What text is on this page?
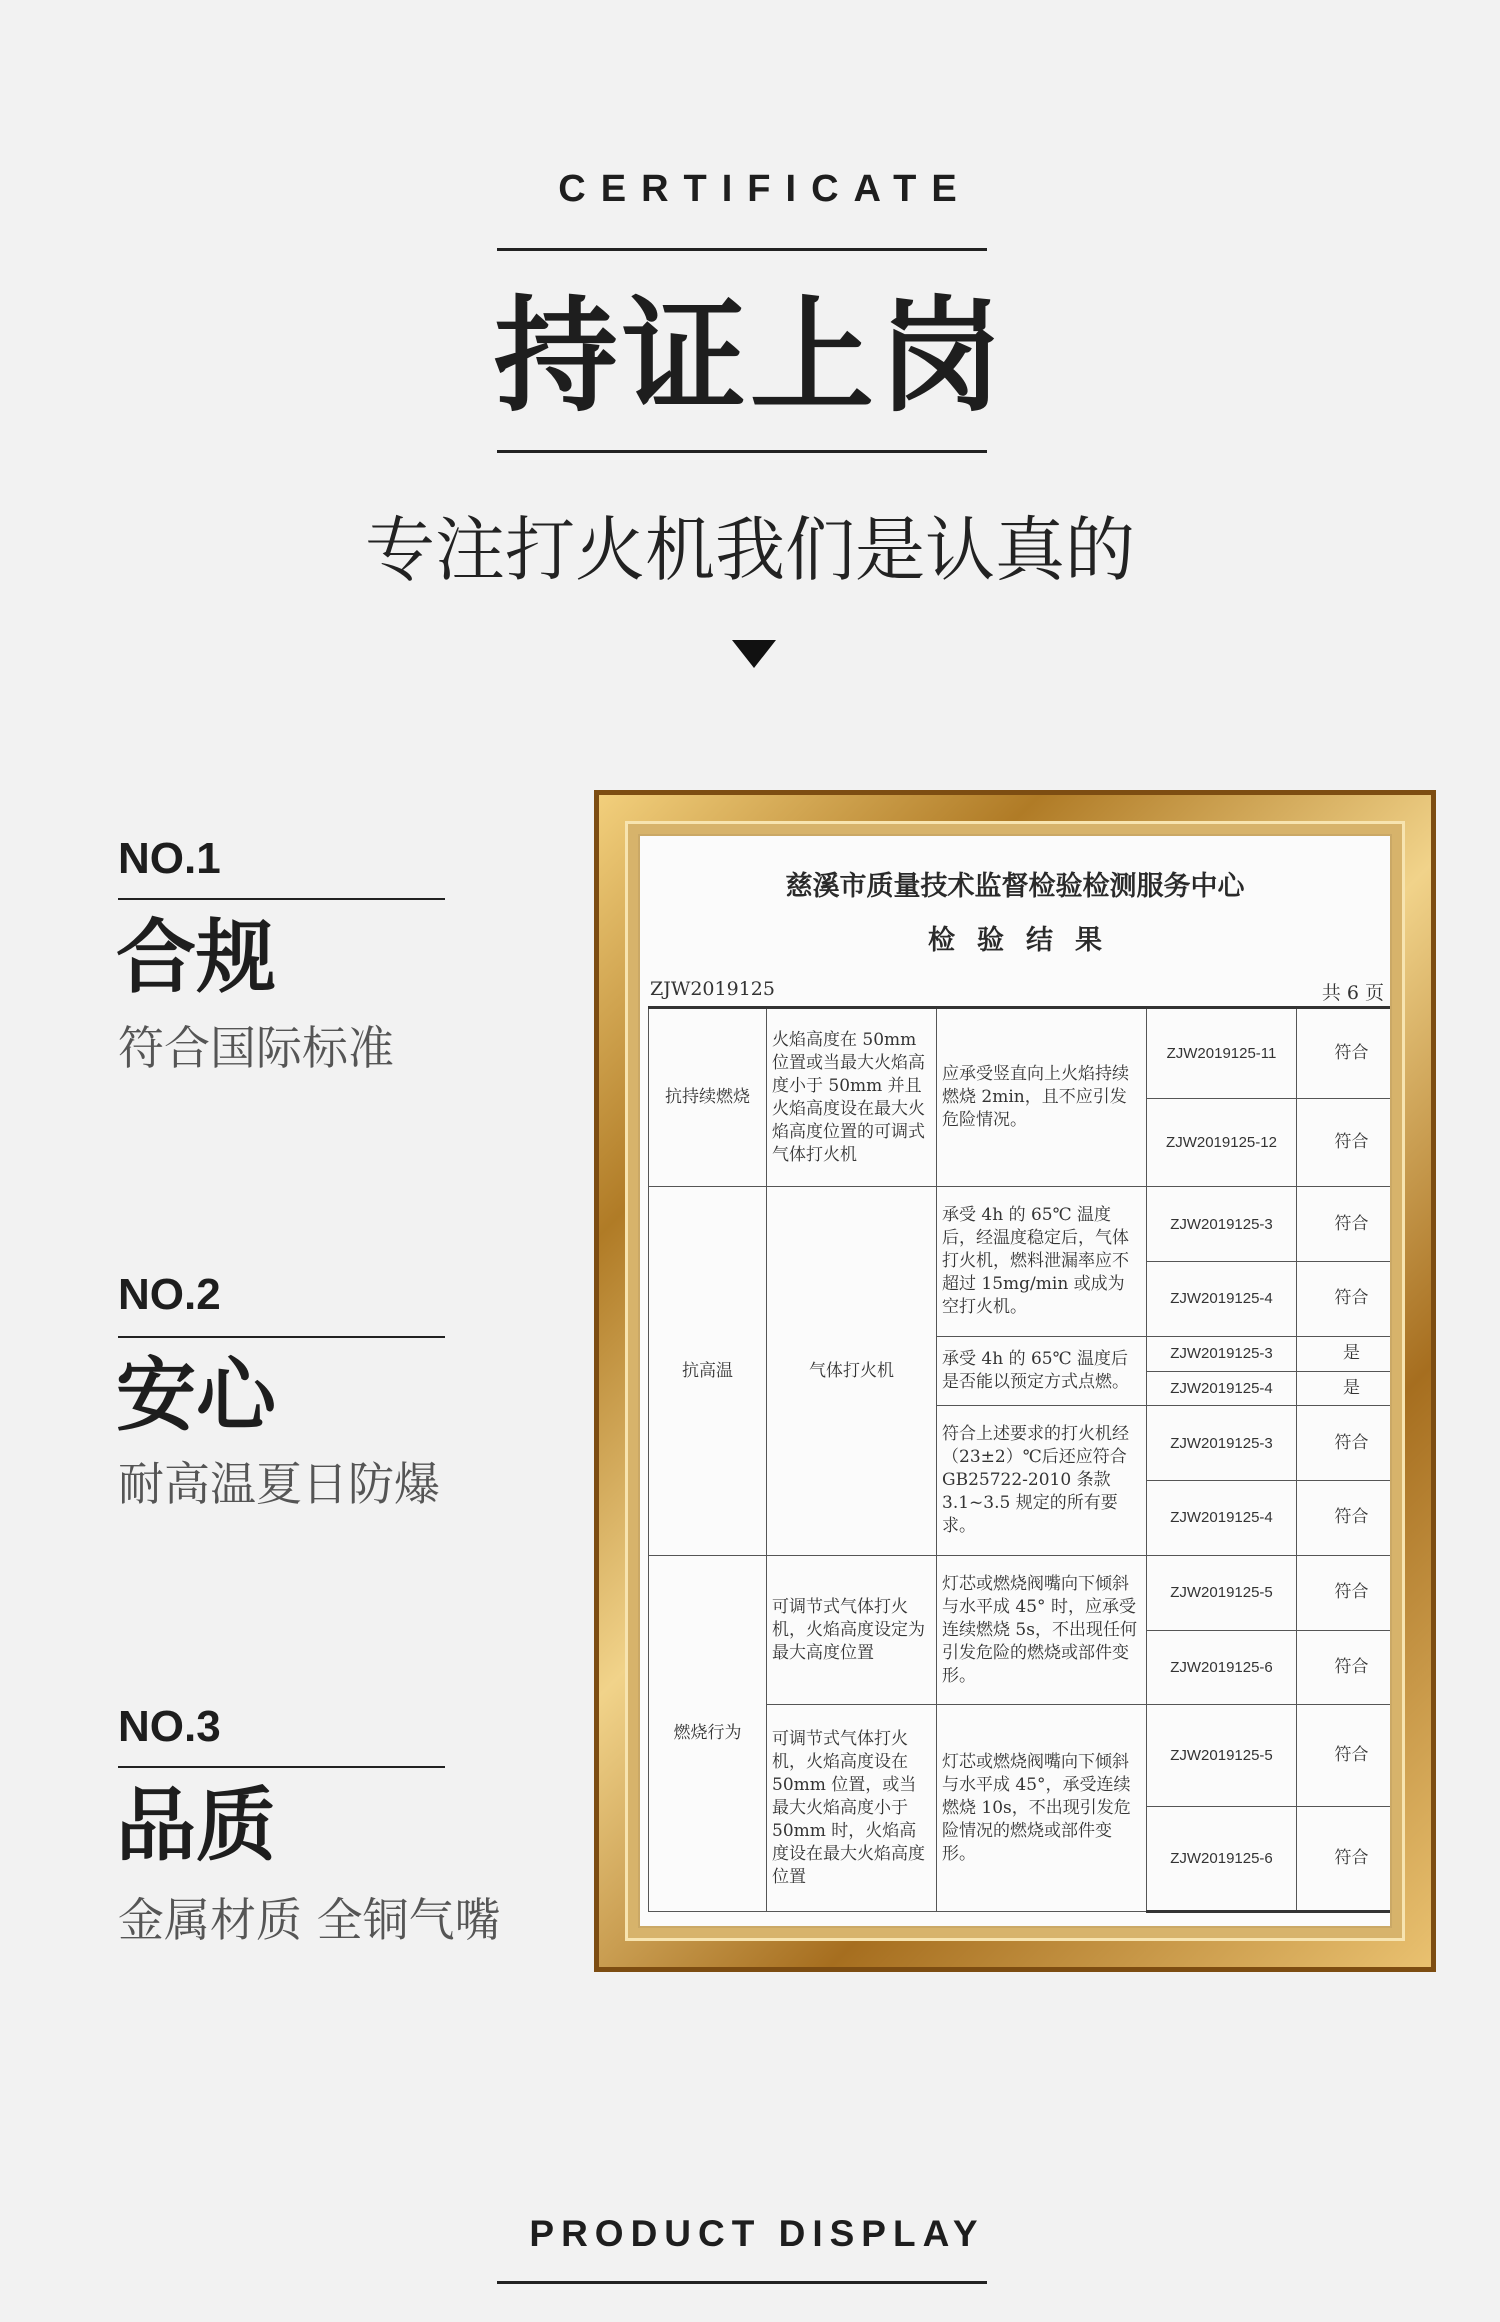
CERTIFICATE
持证上岗
专注打火机我们是认真的
NO.1
合规
符合国际标准
NO.2
安心
耐高温夏日防爆
NO.3
品质
金属材质 全铜气嘴
慈溪市质量技术监督检验检测服务中心
检验结果
ZJW2019125	共 6 页
抗持续燃烧	火焰高度在 50mm 位置或当最大火焰高度小于 50mm 并且火焰高度设在最大火焰高度位置的可调式气体打火机	应承受竖直向上火焰持续燃烧 2min，且不应引发危险情况。	ZJW2019125-11	符合
			ZJW2019125-12	符合
抗高温	气体打火机	承受 4h 的 65℃ 温度后，经温度稳定后，气体打火机，燃料泄漏率应不超过 15mg/min 或成为空打火机。	ZJW2019125-3	符合
			ZJW2019125-4	符合
		承受 4h 的 65℃ 温度后是否能以预定方式点燃。	ZJW2019125-3	是
			ZJW2019125-4	是
		符合上述要求的打火机经（23±2）℃后还应符合 GB25722-2010 条款 3.1~3.5 规定的所有要求。	ZJW2019125-3	符合
			ZJW2019125-4	符合
燃烧行为	可调节式气体打火机，火焰高度设定为最大高度位置	灯芯或燃烧阀嘴向下倾斜与水平成 45° 时，应承受连续燃烧 5s，不出现任何引发危险的燃烧或部件变形。	ZJW2019125-5	符合
			ZJW2019125-6	符合
	可调节式气体打火机，火焰高度设在 50mm 位置，或当最大火焰高度小于 50mm 时，火焰高度设在最大火焰高度位置	灯芯或燃烧阀嘴向下倾斜与水平成 45°，承受连续燃烧 10s，不出现引发危险情况的燃烧或部件变形。	ZJW2019125-5	符合
			ZJW2019125-6	符合
PRODUCT DISPLAY
